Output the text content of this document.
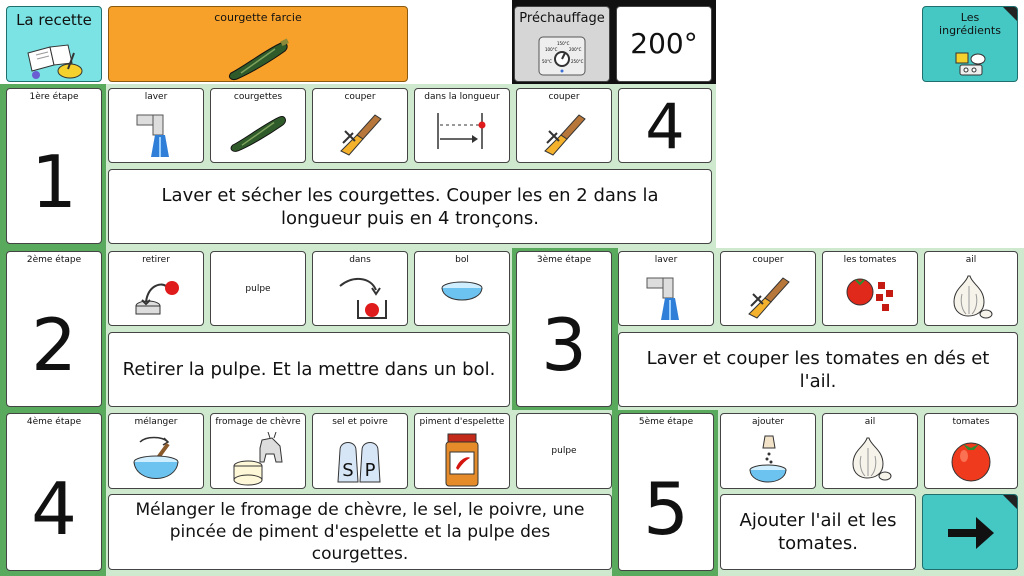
La recette	courgette farcie	Préchauffage
100°C
150°C
200°C
250°C
50°C
200°
Les ingrédients
1ère étape
1
laver	courgettes	couper	dans la longueur	couper	4
Laver et sécher les courgettes. Couper les en 2 dans la longueur puis en 4 tronçons.
2ème étape
2
retirer
pulpe
dans	bol
Retirer la pulpe. Et la mettre dans un bol.
3ème étape
3
laver	couper	les tomates	ail
Laver et couper les tomates en dés et l'ail.
4ème étape
4
mélanger	fromage de chèvre	sel et poivre
S P
piment d'espelette
pulpe
Mélanger le fromage de chèvre, le sel, le poivre, une pincée de piment d'espelette et la pulpe des courgettes.
5ème étape
5
ajouter	ail	tomates
Ajouter l'ail et les tomates.
